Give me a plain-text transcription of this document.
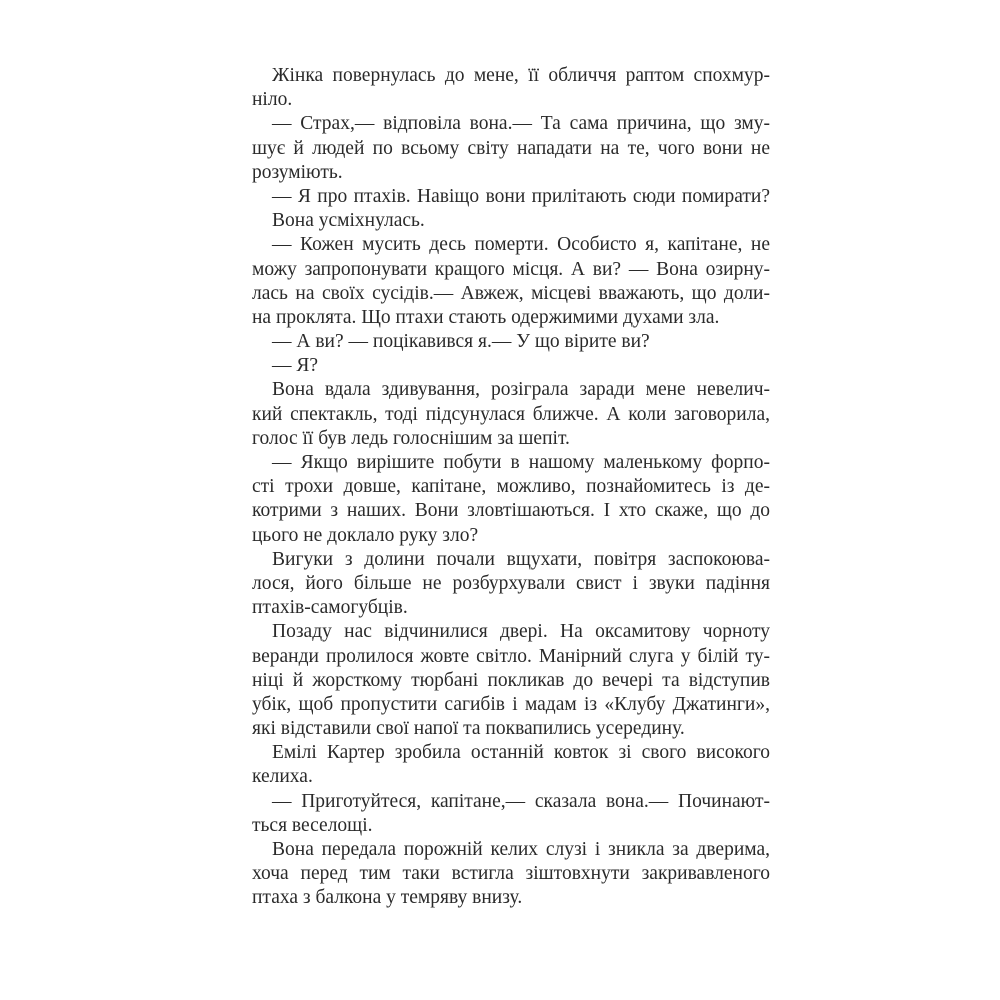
Жінка повернулась до мене, її обличчя раптом спохмур-
ніло.
— Страх,— відповіла вона.— Та сама причина, що зму-
шує й людей по всьому світу нападати на те, чого вони не
розуміють.
— Я про птахів. Навіщо вони прилітають сюди помирати?
Вона усміхнулась.
— Кожен мусить десь померти. Особисто я, капітане, не
можу запропонувати кращого місця. А ви? — Вона озирну-
лась на своїх сусідів.— Авжеж, місцеві вважають, що доли-
на проклята. Що птахи стають одержимими духами зла.
— А ви? — поцікавився я.— У що вірите ви?
— Я?
Вона вдала здивування, розіграла заради мене невелич-
кий спектакль, тоді підсунулася ближче. А коли заговорила,
голос її був ледь голоснішим за шепіт.
— Якщо вирішите побути в нашому маленькому форпо-
сті трохи довше, капітане, можливо, познайомитесь із де-
котрими з наших. Вони зловтішаються. І хто скаже, що до
цього не доклало руку зло?
Вигуки з долини почали вщухати, повітря заспокоюва-
лося, його більше не розбурхували свист і звуки падіння
птахів-самогубців.
Позаду нас відчинилися двері. На оксамитову чорноту
веранди пролилося жовте світло. Манірний слуга у білій ту-
ніці й жорсткому тюрбані покликав до вечері та відступив
убік, щоб пропустити сагибів і мадам із «Клубу Джатинги»,
які відставили свої напої та поквапились усередину.
Емілі Картер зробила останній ковток зі свого високого
келиха.
— Приготуйтеся, капітане,— сказала вона.— Починают-
ться веселощі.
Вона передала порожній келих слузі і зникла за дверима,
хоча перед тим таки встигла зіштовхнути закривавленого
птаха з балкона у темряву внизу.
